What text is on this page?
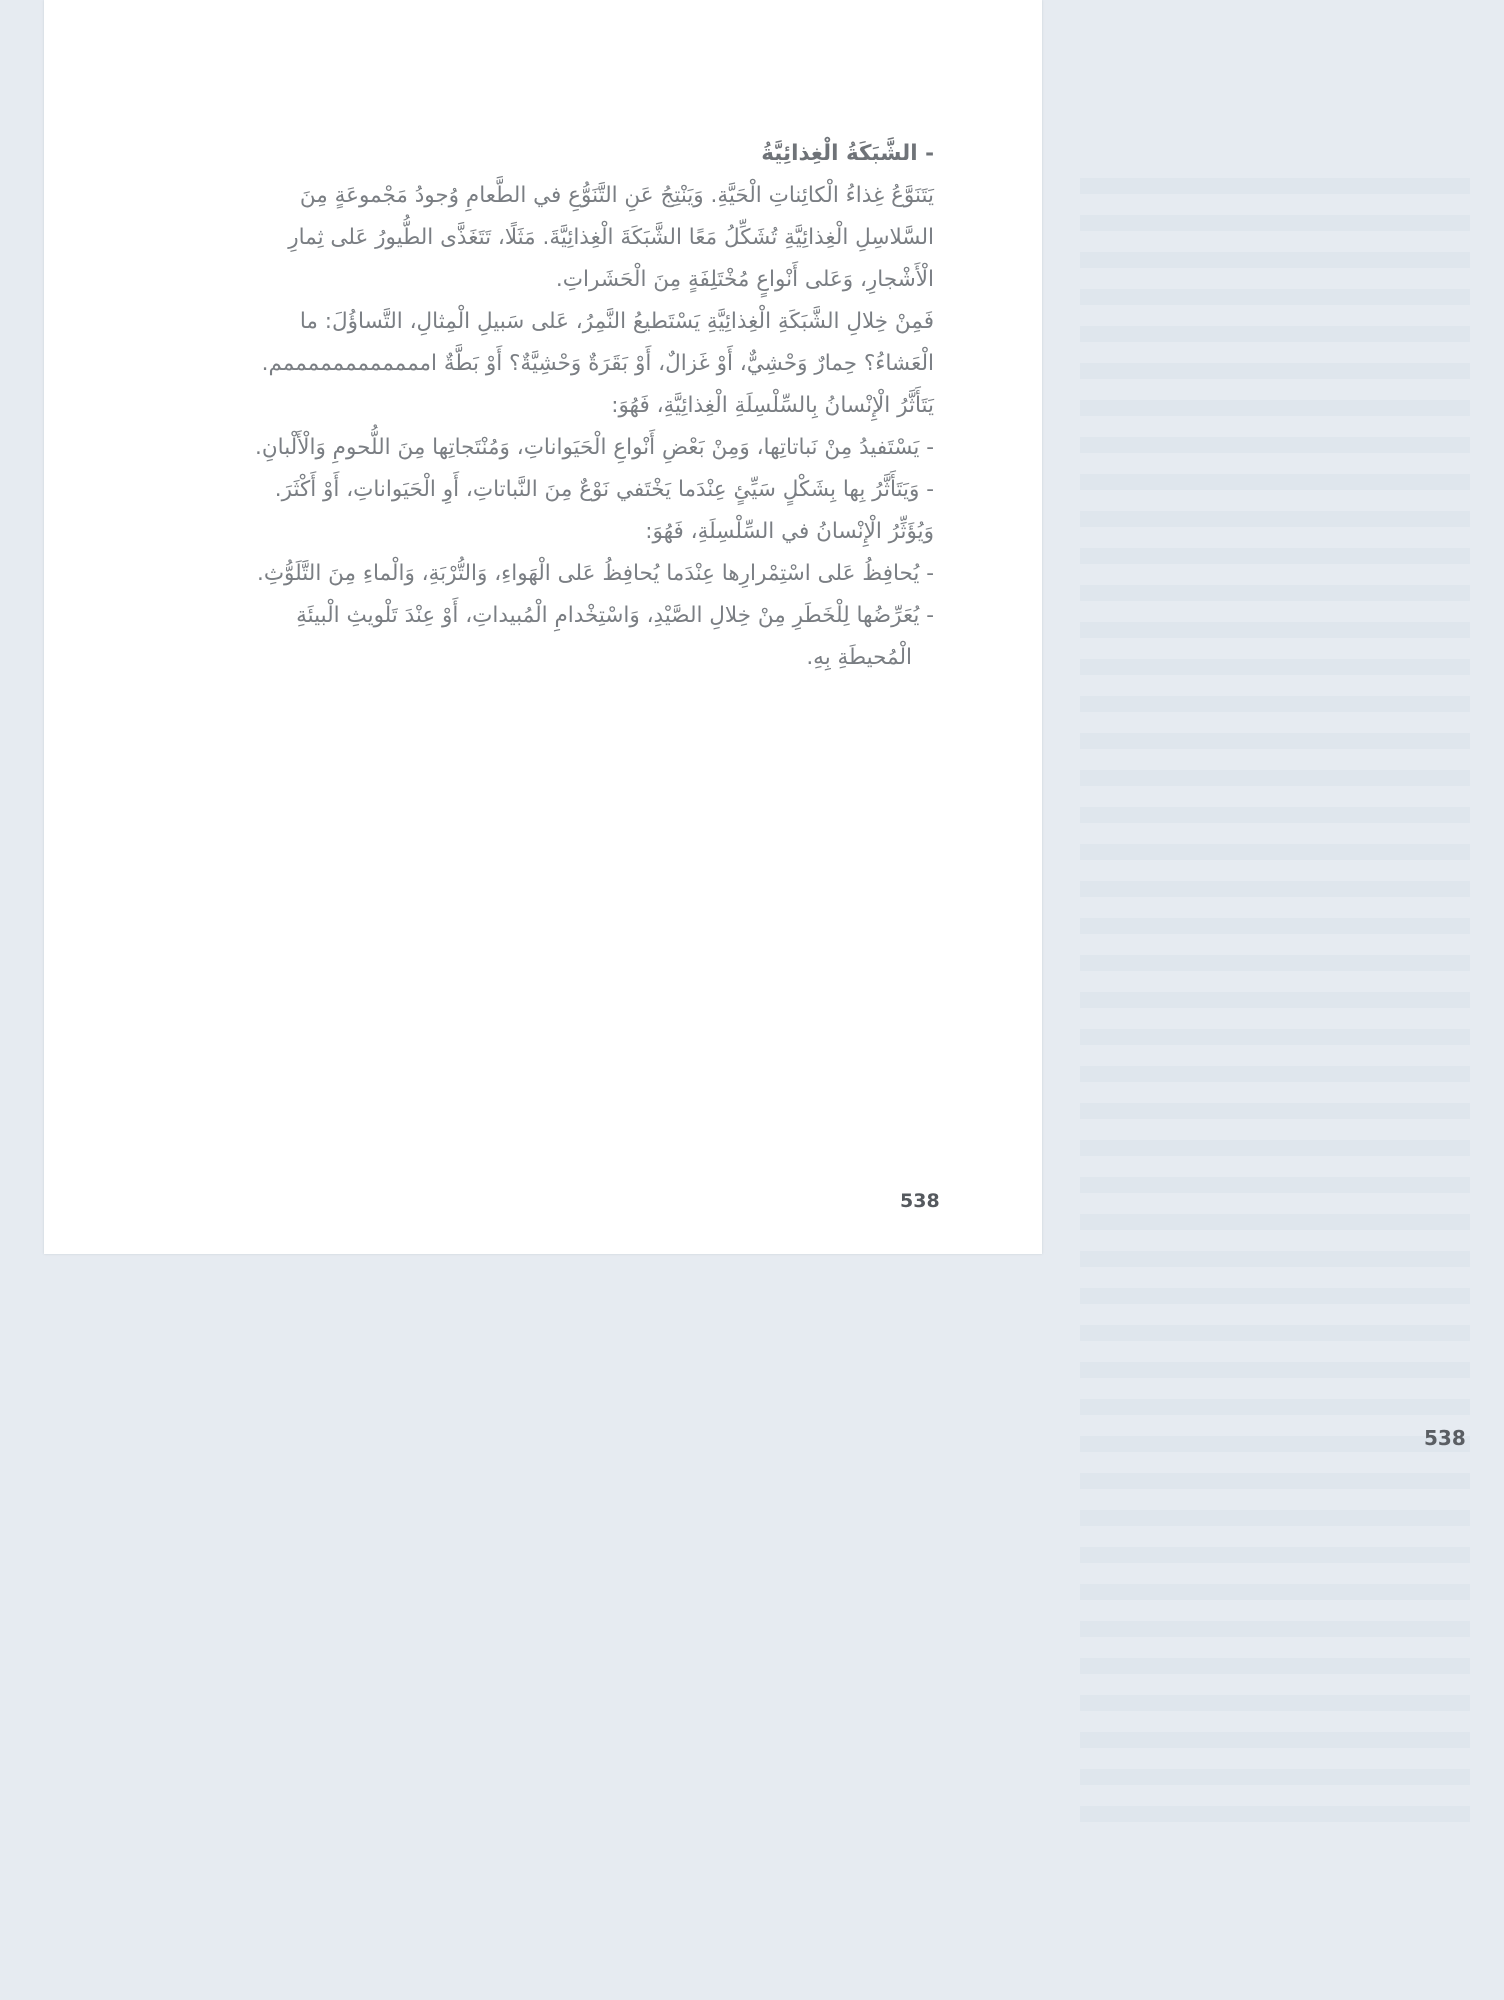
- الشَّبَكَةُ الْغِذائِيَّةُ

يَتَنَوَّعُ غِذاءُ الْكائِناتِ الْحَيَّةِ. وَيَنْتِجُ عَنِ التَّنَوُّعِ في الطَّعامِ وُجودُ مَجْموعَةٍ مِنَ

السَّلاسِلِ الْغِذائِيَّةِ تُشَكِّلُ مَعًا الشَّبَكَةَ الْغِذائِيَّةَ. مَثَلًا، تَتَغَذَّى الطُّيورُ عَلى ثِمارِ

الْأَشْجارِ، وَعَلى أَنْواعٍ مُخْتَلِفَةٍ مِنَ الْحَشَراتِ.

فَمِنْ خِلالِ الشَّبَكَةِ الْغِذائِيَّةِ يَسْتَطيعُ النَّمِرُ، عَلى سَبيلِ الْمِثالِ، التَّساؤُلَ: ما

الْعَشاءُ؟ حِمارٌ وَحْشِيٌّ، أَوْ غَزالٌ، أَوْ بَقَرَةٌ وَحْشِيَّةٌ؟ أَوْ بَطَّةٌ اممممممممممممم.

يَتَأَثَّرُ الْإِنْسانُ بِالسِّلْسِلَةِ الْغِذائِيَّةِ، فَهُوَ:

- يَسْتَفيدُ مِنْ نَباتاتِها، وَمِنْ بَعْضِ أَنْواعِ الْحَيَواناتِ، وَمُنْتَجاتِها مِنَ اللُّحومِ وَالْأَلْبانِ.

- وَيَتَأَثَّرُ بِها بِشَكْلٍ سَيِّئٍ عِنْدَما يَخْتَفي نَوْعٌ مِنَ النَّباتاتِ، أَوِ الْحَيَواناتِ، أَوْ أَكْثَرَ.

وَيُؤَثِّرُ الْإِنْسانُ في السِّلْسِلَةِ، فَهُوَ:

- يُحافِظُ عَلى اسْتِمْرارِها عِنْدَما يُحافِظُ عَلى الْهَواءِ، وَالتُّرْبَةِ، وَالْماءِ مِنَ التَّلَوُّثِ.

- يُعَرِّضُها لِلْخَطَرِ مِنْ خِلالِ الصَّيْدِ، وَاسْتِخْدامِ الْمُبيداتِ، أَوْ عِنْدَ تَلْويثِ الْبيئَةِ

الْمُحيطَةِ بِهِ.

538
538
